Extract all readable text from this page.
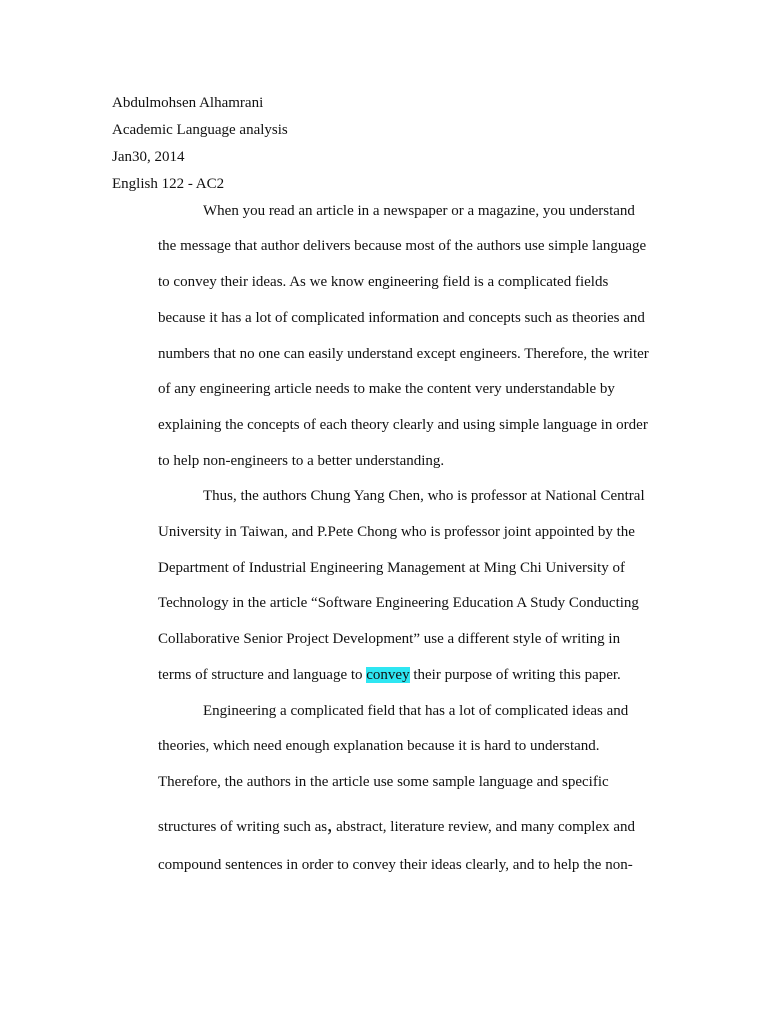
Abdulmohsen Alhamrani
Academic Language analysis
Jan30, 2014
English 122 - AC2
When you read an article in a newspaper or a magazine, you understand
the message that author delivers because most of the authors use simple language
to convey their ideas. As we know engineering field is a complicated fields
because it has a lot of complicated information and concepts such as theories and
numbers that no one can easily understand except engineers. Therefore, the writer
of any engineering article needs to make the content very understandable by
explaining the concepts of each theory clearly and using simple language in order
to help non-engineers to a better understanding.
Thus, the authors Chung Yang Chen, who is professor at National Central
University in Taiwan, and P.Pete Chong who is professor joint appointed by the
Department of Industrial Engineering Management at Ming Chi University of
Technology in the article “Software Engineering Education A Study Conducting
Collaborative Senior Project Development” use a different style of writing in
terms of structure and language to convey their purpose of writing this paper.
Engineering a complicated field that has a lot of complicated ideas and
theories, which need enough explanation because it is hard to understand.
Therefore, the authors in the article use some sample language and specific
structures of writing such as, abstract, literature review, and many complex and
compound sentences in order to convey their ideas clearly, and to help the non-
